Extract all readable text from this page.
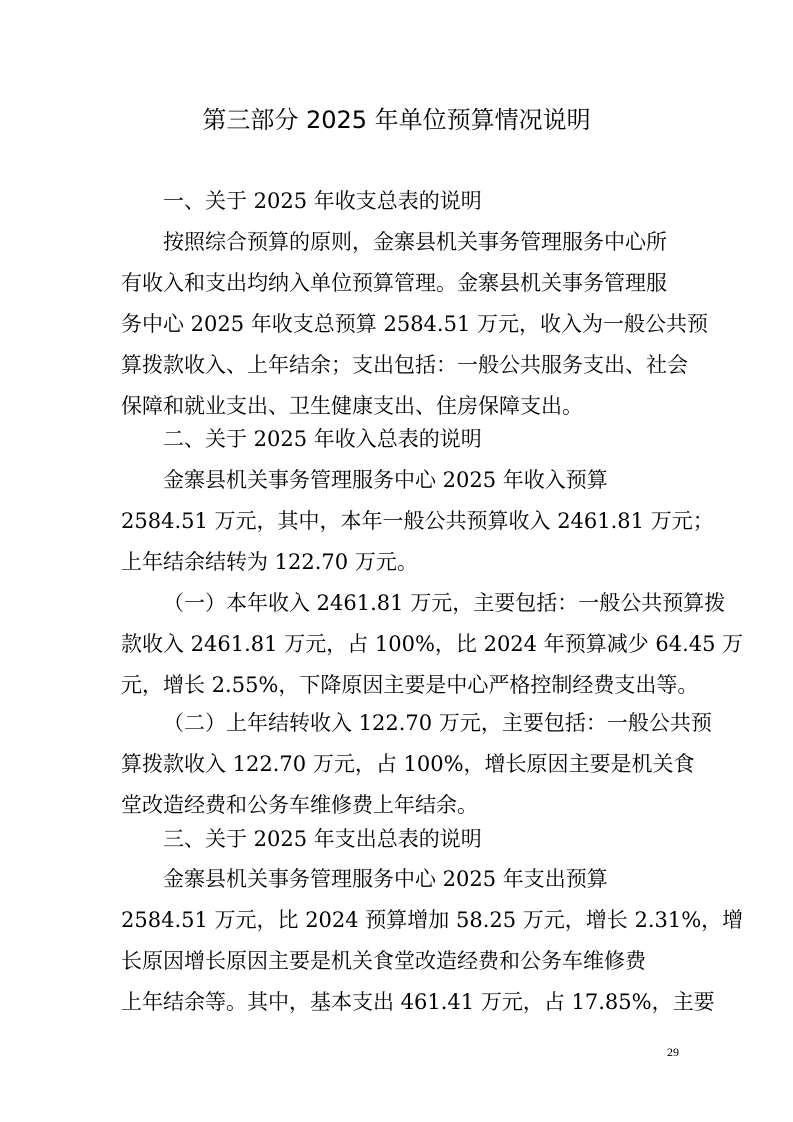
第三部分 2025 年单位预算情况说明

一、关于 2025 年收支总表的说明

按照综合预算的原则，金寨县机关事务管理服务中心所

有收入和支出均纳入单位预算管理。金寨县机关事务管理服

务中心 2025 年收支总预算 2584.51 万元，收入为一般公共预

算拨款收入、上年结余；支出包括：一般公共服务支出、社会

保障和就业支出、卫生健康支出、住房保障支出。

二、关于 2025 年收入总表的说明

金寨县机关事务管理服务中心 2025 年收入预算

2584.51 万元，其中，本年一般公共预算收入 2461.81 万元；

上年结余结转为 122.70 万元。

（一）本年收入 2461.81 万元，主要包括：一般公共预算拨

款收入 2461.81 万元，占 100%，比 2024 年预算减少 64.45 万

元，增长 2.55%，下降原因主要是中心严格控制经费支出等。

（二）上年结转收入 122.70 万元，主要包括：一般公共预

算拨款收入 122.70 万元，占 100%，增长原因主要是机关食

堂改造经费和公务车维修费上年结余。

三、关于 2025 年支出总表的说明

金寨县机关事务管理服务中心 2025 年支出预算

2584.51 万元，比 2024 预算增加 58.25 万元，增长 2.31%，增

长原因增长原因主要是机关食堂改造经费和公务车维修费

上年结余等。其中，基本支出 461.41 万元，占 17.85%，主要

29
